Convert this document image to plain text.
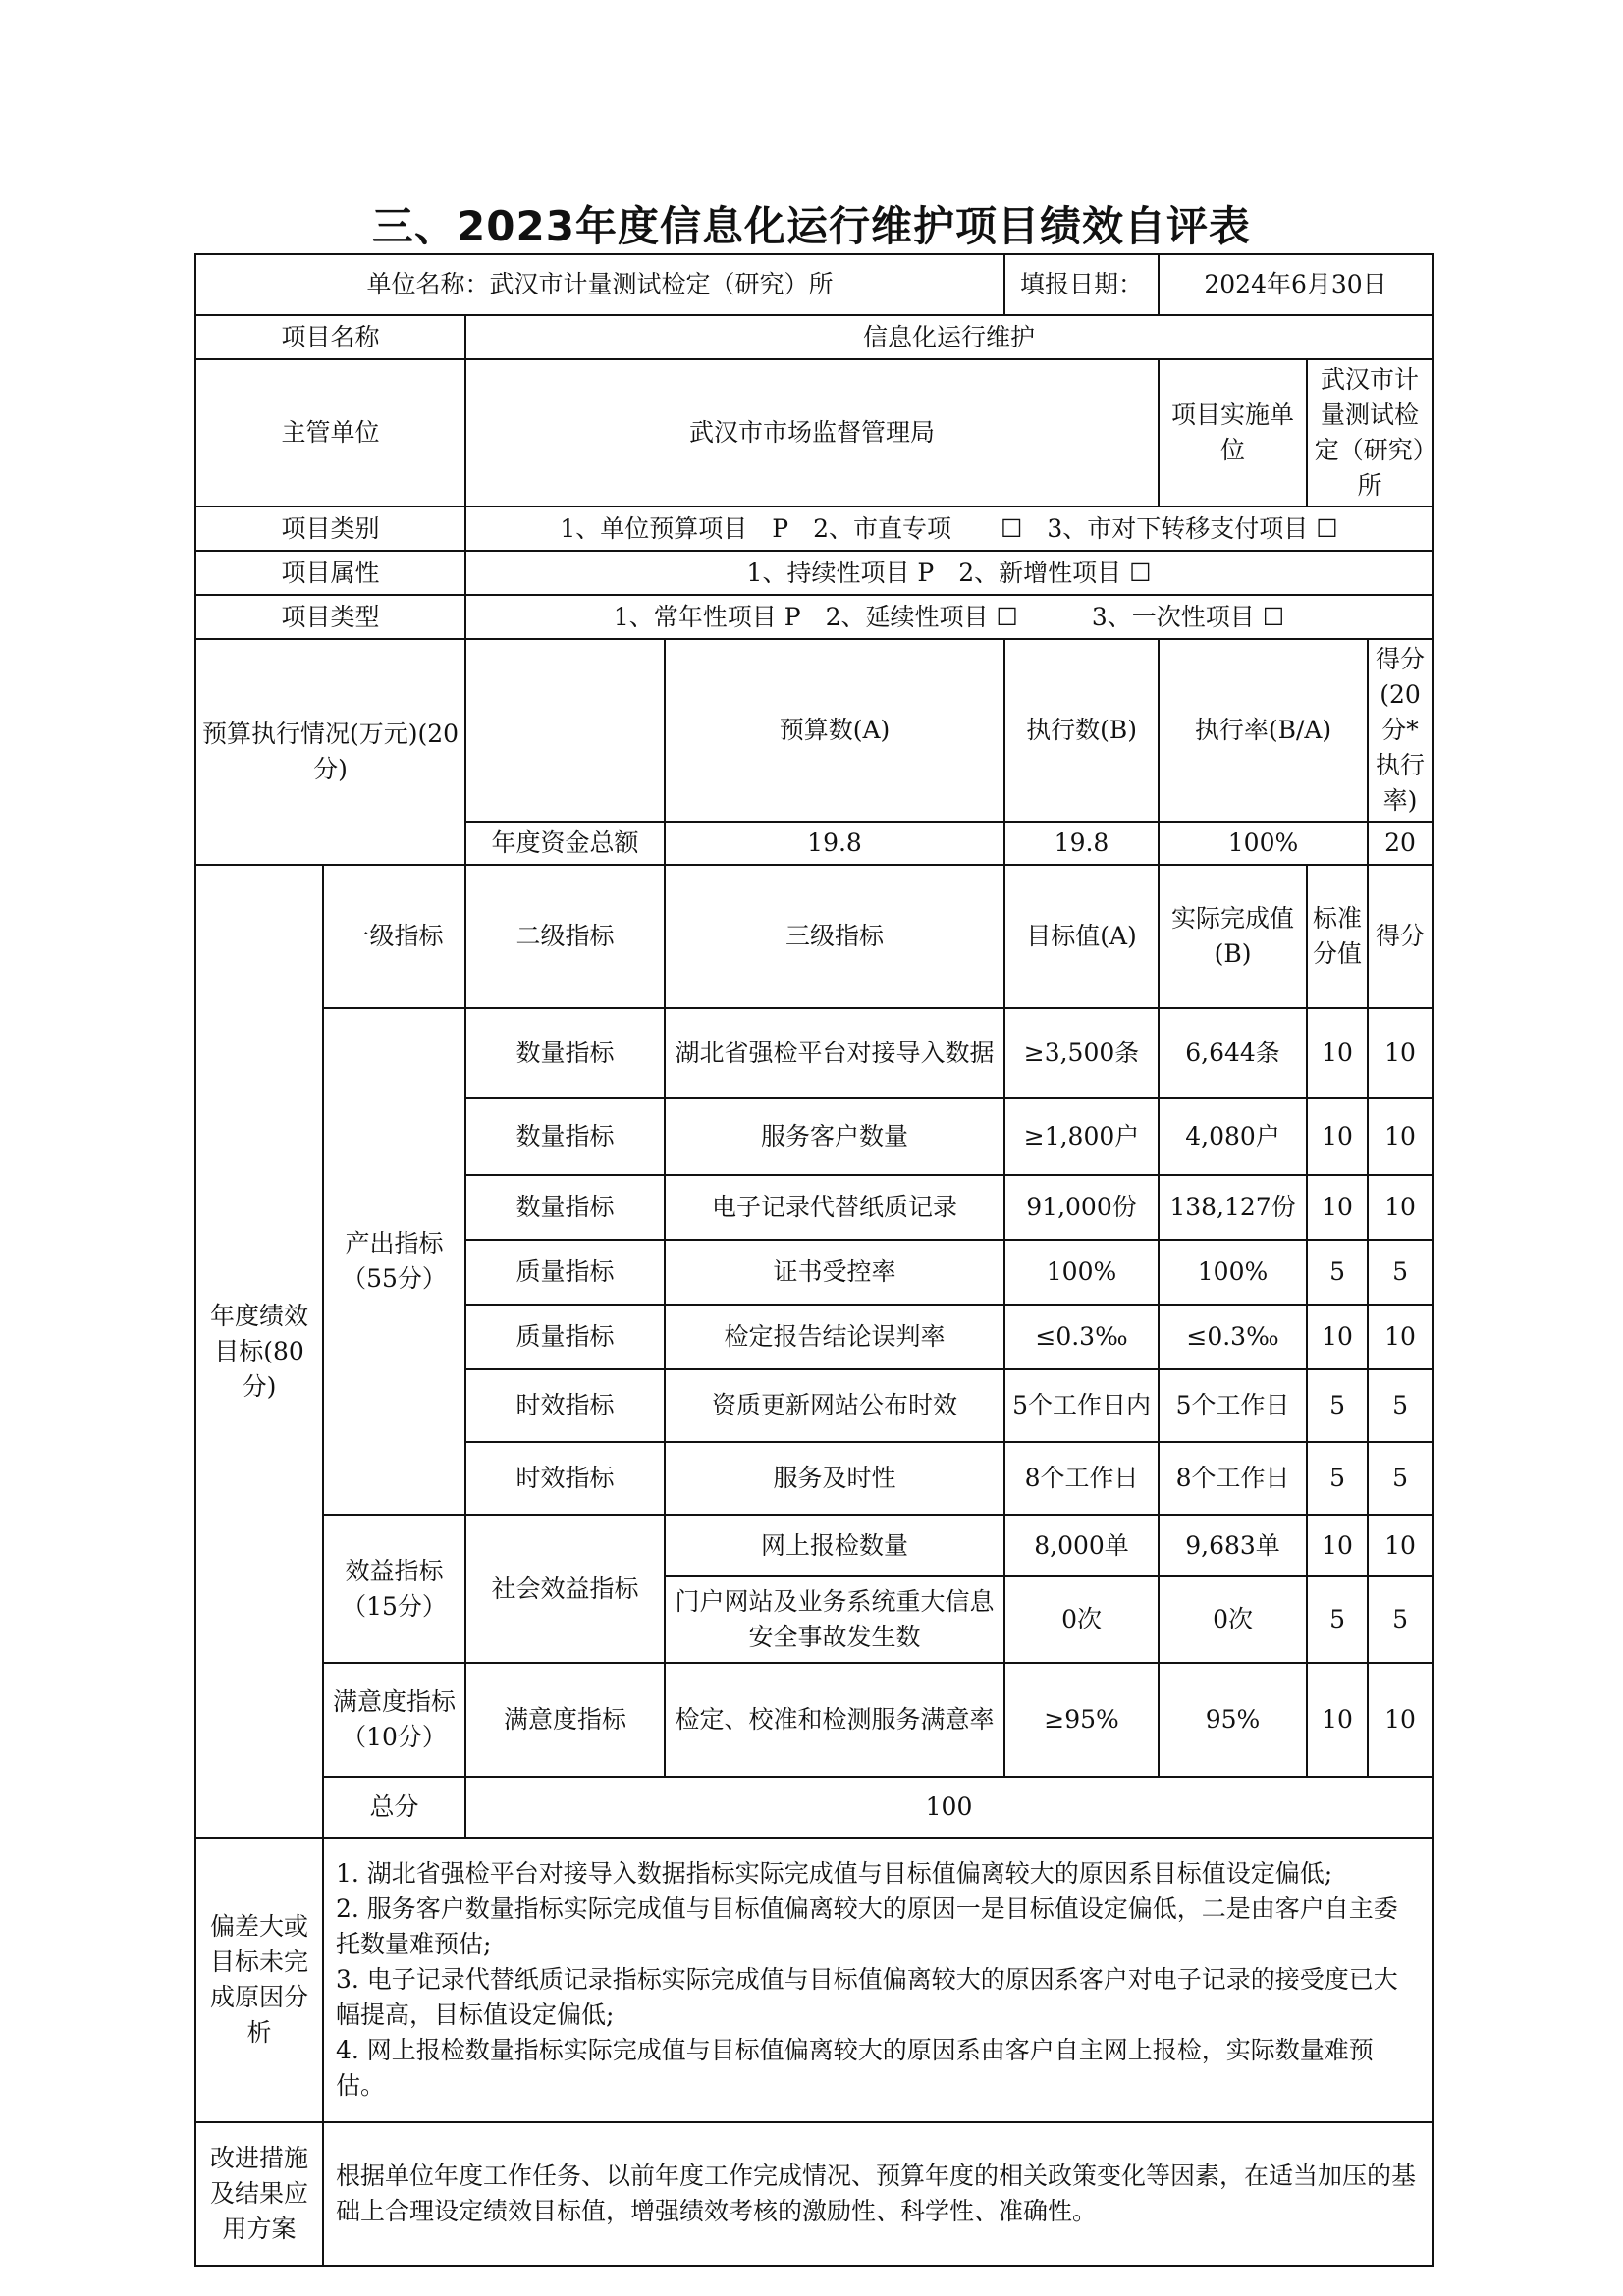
三、2023年度信息化运行维护项目绩效自评表
单位名称：武汉市计量测试检定（研究）所				填报日期：	2024年6月30日		
项目名称		信息化运行维护					
主管单位		武汉市市场监督管理局			项目实施单位	武汉市计量测试检定（研究）所	
项目类别		1、单位预算项目　P　2、市直专项　　☐　3、市对下转移支付项目 ☐					
项目属性		1、持续性项目 P　2、新增性项目 ☐					
项目类型		1、常年性项目 P　2、延续性项目 ☐　　　3、一次性项目 ☐					
预算执行情况(万元)(20分)			预算数(A)	执行数(B)	执行率(B/A)		得分(20分*执行率)
		年度资金总额	19.8	19.8	100%		20
年度绩效目标(80分)	一级指标	二级指标	三级指标	目标值(A)	实际完成值(B)	标准分值	得分
	产出指标（55分）	数量指标	湖北省强检平台对接导入数据	≥3,500条	6,644条	10	10
		数量指标	服务客户数量	≥1,800户	4,080户	10	10
		数量指标	电子记录代替纸质记录	91,000份	138,127份	10	10
		质量指标	证书受控率	100%	100%	5	5
		质量指标	检定报告结论误判率	≤0.3‰	≤0.3‰	10	10
		时效指标	资质更新网站公布时效	5个工作日内	5个工作日	5	5
		时效指标	服务及时性	8个工作日	8个工作日	5	5
	效益指标（15分）	社会效益指标	网上报检数量	8,000单	9,683单	10	10
			门户网站及业务系统重大信息安全事故发生数	0次	0次	5	5
	满意度指标（10分）	满意度指标	检定、校准和检测服务满意率	≥95%	95%	10	10
	总分	100					
偏差大或目标未完成原因分析	1. 湖北省强检平台对接导入数据指标实际完成值与目标值偏离较大的原因系目标值设定偏低;
2. 服务客户数量指标实际完成值与目标值偏离较大的原因一是目标值设定偏低，二是由客户自主委托数量难预估;
3. 电子记录代替纸质记录指标实际完成值与目标值偏离较大的原因系客户对电子记录的接受度已大幅提高，目标值设定偏低;
4. 网上报检数量指标实际完成值与目标值偏离较大的原因系由客户自主网上报检，实际数量难预估。						

改进措施及结果应用方案	根据单位年度工作任务、以前年度工作完成情况、预算年度的相关政策变化等因素，在适当加压的基础上合理设定绩效目标值，增强绩效考核的激励性、科学性、准确性。						
